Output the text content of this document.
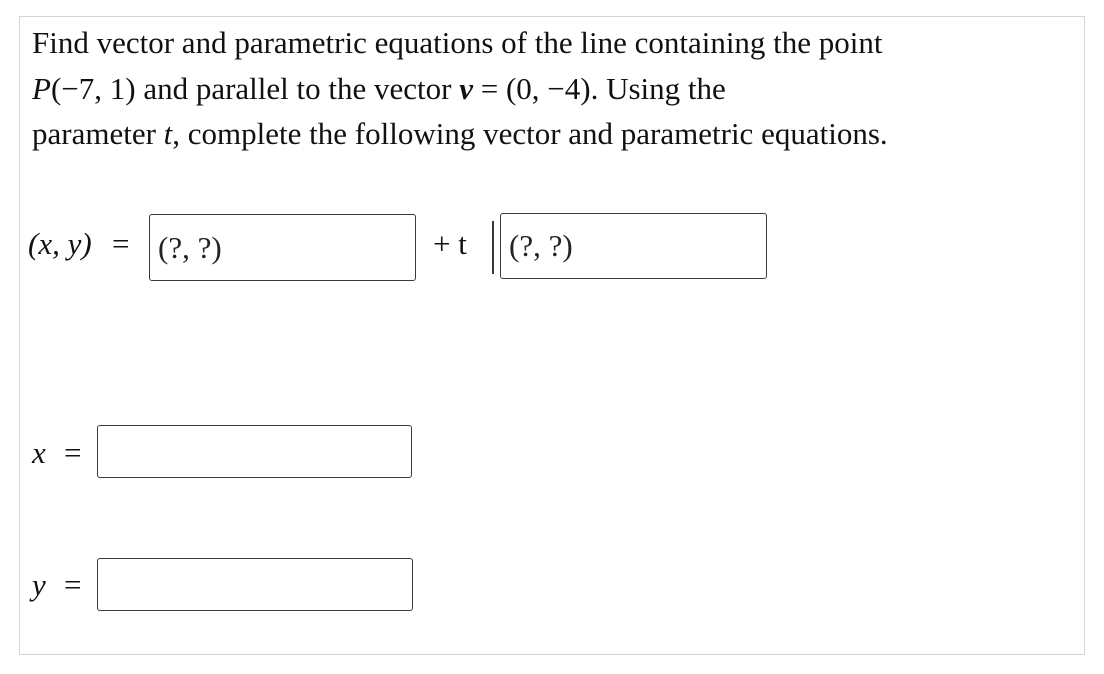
Find vector and parametric equations of the line containing the point
P(−7, 1) and parallel to the vector v = (0, −4). Using the
parameter t, complete the following vector and parametric equations.
(x, y) =
(?, ?)	+ t
(?, ?)
x =
y =
